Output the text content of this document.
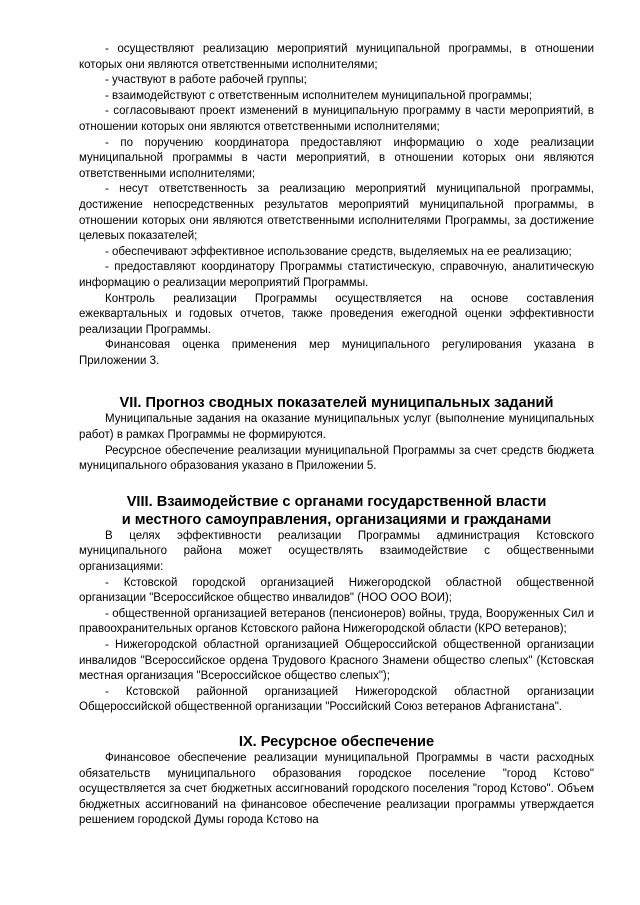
- осуществляют реализацию мероприятий муниципальной программы, в отношении которых они являются ответственными исполнителями;

- участвуют в работе рабочей группы;

- взаимодействуют с ответственным исполнителем муниципальной программы;

- согласовывают проект изменений в муниципальную программу в части мероприятий, в отношении которых они являются ответственными исполнителями;

- по поручению координатора предоставляют информацию о ходе реализации муниципальной программы в части мероприятий, в отношении которых они являются ответственными исполнителями;

- несут ответственность за реализацию мероприятий муниципальной программы, достижение непосредственных результатов мероприятий муниципальной программы, в отношении которых они являются ответственными исполнителями Программы, за достижение целевых показателей;

- обеспечивают эффективное использование средств, выделяемых на ее реализацию;

- предоставляют координатору Программы статистическую, справочную, аналитическую информацию о реализации мероприятий Программы.

Контроль реализации Программы осуществляется на основе составления ежеквартальных и годовых отчетов, также проведения ежегодной оценки эффективности реализации Программы.

Финансовая оценка применения мер муниципального регулирования указана в Приложении 3.

VII. Прогноз сводных показателей муниципальных заданий

Муниципальные задания на оказание муниципальных услуг (выполнение муниципальных работ) в рамках Программы не формируются.

Ресурсное обеспечение реализации муниципальной Программы за счет средств бюджета муниципального образования указано в Приложении 5.

VIII. Взаимодействие с органами государственной власти
и местного самоуправления, организациями и гражданами

В целях эффективности реализации Программы администрация Кстовского муниципального района может осуществлять взаимодействие с общественными организациями:

- Кстовской городской организацией Нижегородской областной общественной организации "Всероссийское общество инвалидов" (НОО ООО ВОИ);

- общественной организацией ветеранов (пенсионеров) войны, труда, Вооруженных Сил и правоохранительных органов Кстовского района Нижегородской области (КРО ветеранов);

- Нижегородской областной организацией Общероссийской общественной организации инвалидов "Всероссийское ордена Трудового Красного Знамени общество слепых" (Кстовская местная организация "Всероссийское общество слепых");

- Кстовской районной организацией Нижегородской областной организации Общероссийской общественной организации "Российский Союз ветеранов Афганистана".

IX. Ресурсное обеспечение

Финансовое обеспечение реализации муниципальной Программы в части расходных обязательств муниципального образования городское поселение "город Кстово" осуществляется за счет бюджетных ассигнований городского поселения "город Кстово". Объем бюджетных ассигнований на финансовое обеспечение реализации программы утверждается решением городской Думы города Кстово на
